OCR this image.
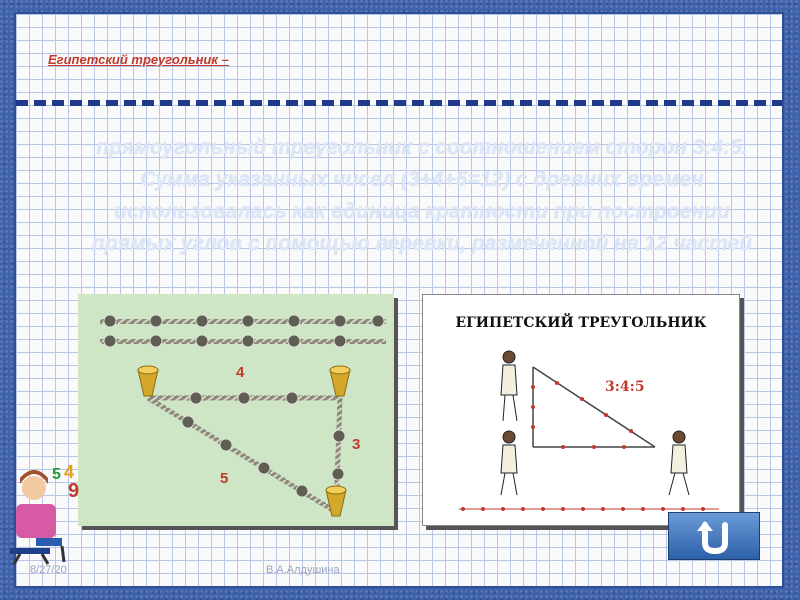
Египетский треугольник –
прямоугольный треугольник с соотношением сторон 3:4:5. Сумма указанных чисел (3+4+5=12) с древних времен использовалась как единица кратности при построении прямых углов с помощью веревки, размеченной на 12 частей
4
3
5
ЕГИПЕТСКИЙ ТРЕУГОЛЬНИК
3:4:5
5 4
9
8/27/20	В.А.Алдушина
